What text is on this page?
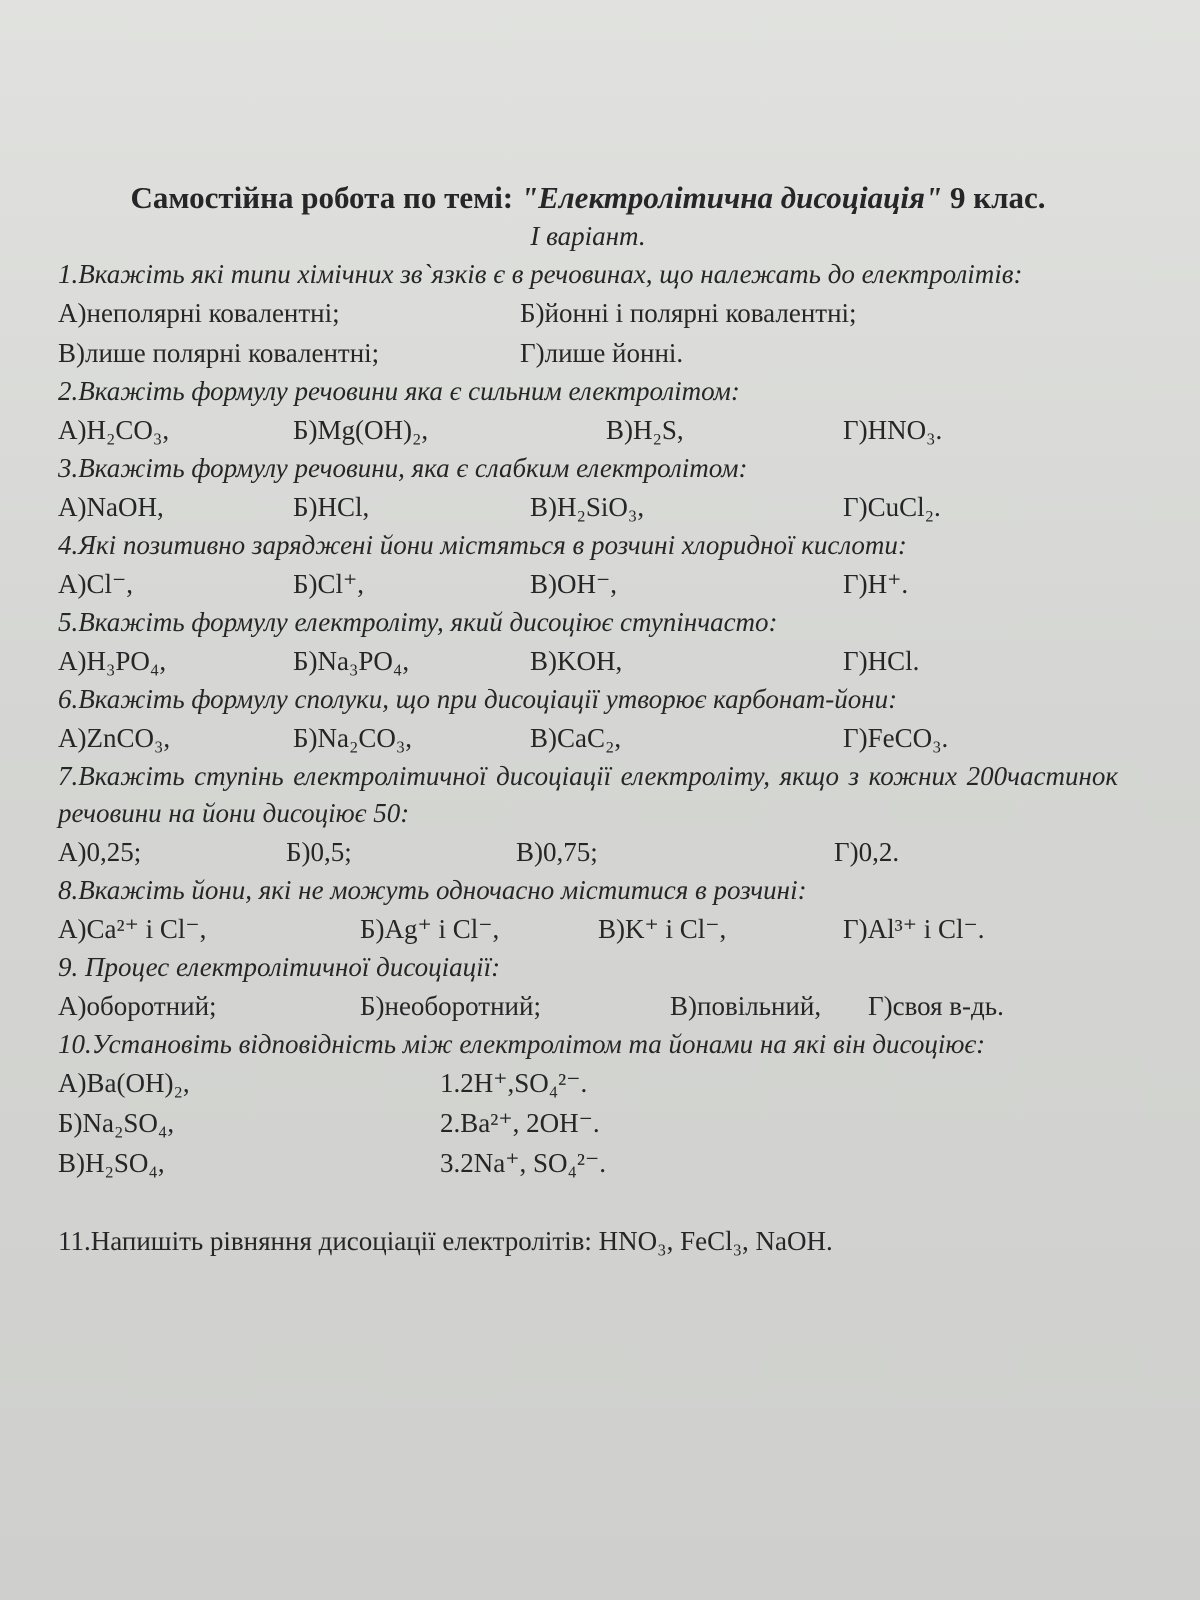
Самостійна робота по темі: "Електролітична дисоціація" 9 клас.

I варіант.

1.Вкажіть які типи хімічних зв`язків є в речовинах, що належать до електролітів:

А)неполярні ковалентні;	Б)йонні і полярні ковалентні;
В)лише полярні ковалентні;	Г)лише йонні.

2.Вкажіть формулу речовини яка є сильним електролітом:

А)H₂CO₃,	Б)Mg(OH)₂,	В)H₂S,	Г)HNO₃.

3.Вкажіть формулу речовини, яка є слабким електролітом:

А)NaOH,	Б)HCl,	В)H₂SiO₃,	Г)CuCl₂.

4.Які позитивно заряджені йони містяться в розчині хлоридної кислоти:

А)Cl⁻,	Б)Cl⁺,	В)OH⁻,	Г)H⁺.

5.Вкажіть формулу електроліту, який дисоціює ступінчасто:

А)H₃PO₄,	Б)Na₃PO₄,	В)KOH,	Г)HCl.

6.Вкажіть формулу сполуки, що при дисоціації утворює карбонат-йони:

А)ZnCO₃,	Б)Na₂CO₃,	В)CaC₂,	Г)FeCO₃.

7.Вкажіть ступінь електролітичної дисоціації електроліту, якщо з кожних 200частинок речовини на йони дисоціює 50:

А)0,25;	Б)0,5;	В)0,75;	Г)0,2.

8.Вкажіть йони, які не можуть одночасно міститися в розчині:

А)Ca²⁺ і Cl⁻,	Б)Ag⁺ і Cl⁻,	В)K⁺ і Cl⁻,	Г)Al³⁺ і Cl⁻.

9. Процес електролітичної дисоціації:

А)оборотний;	Б)необоротний;	В)повільний, Г)своя в-дь.

10.Установіть відповідність між електролітом та йонами на які він дисоціює:

А)Ba(OH)₂,	1.2H⁺,SO₄²⁻.
Б)Na₂SO₄,	2.Ba²⁺, 2OH⁻.
В)H₂SO₄,	3.2Na⁺, SO₄²⁻.

11.Напишіть рівняння дисоціації електролітів: HNO₃, FeCl₃, NaOH.
